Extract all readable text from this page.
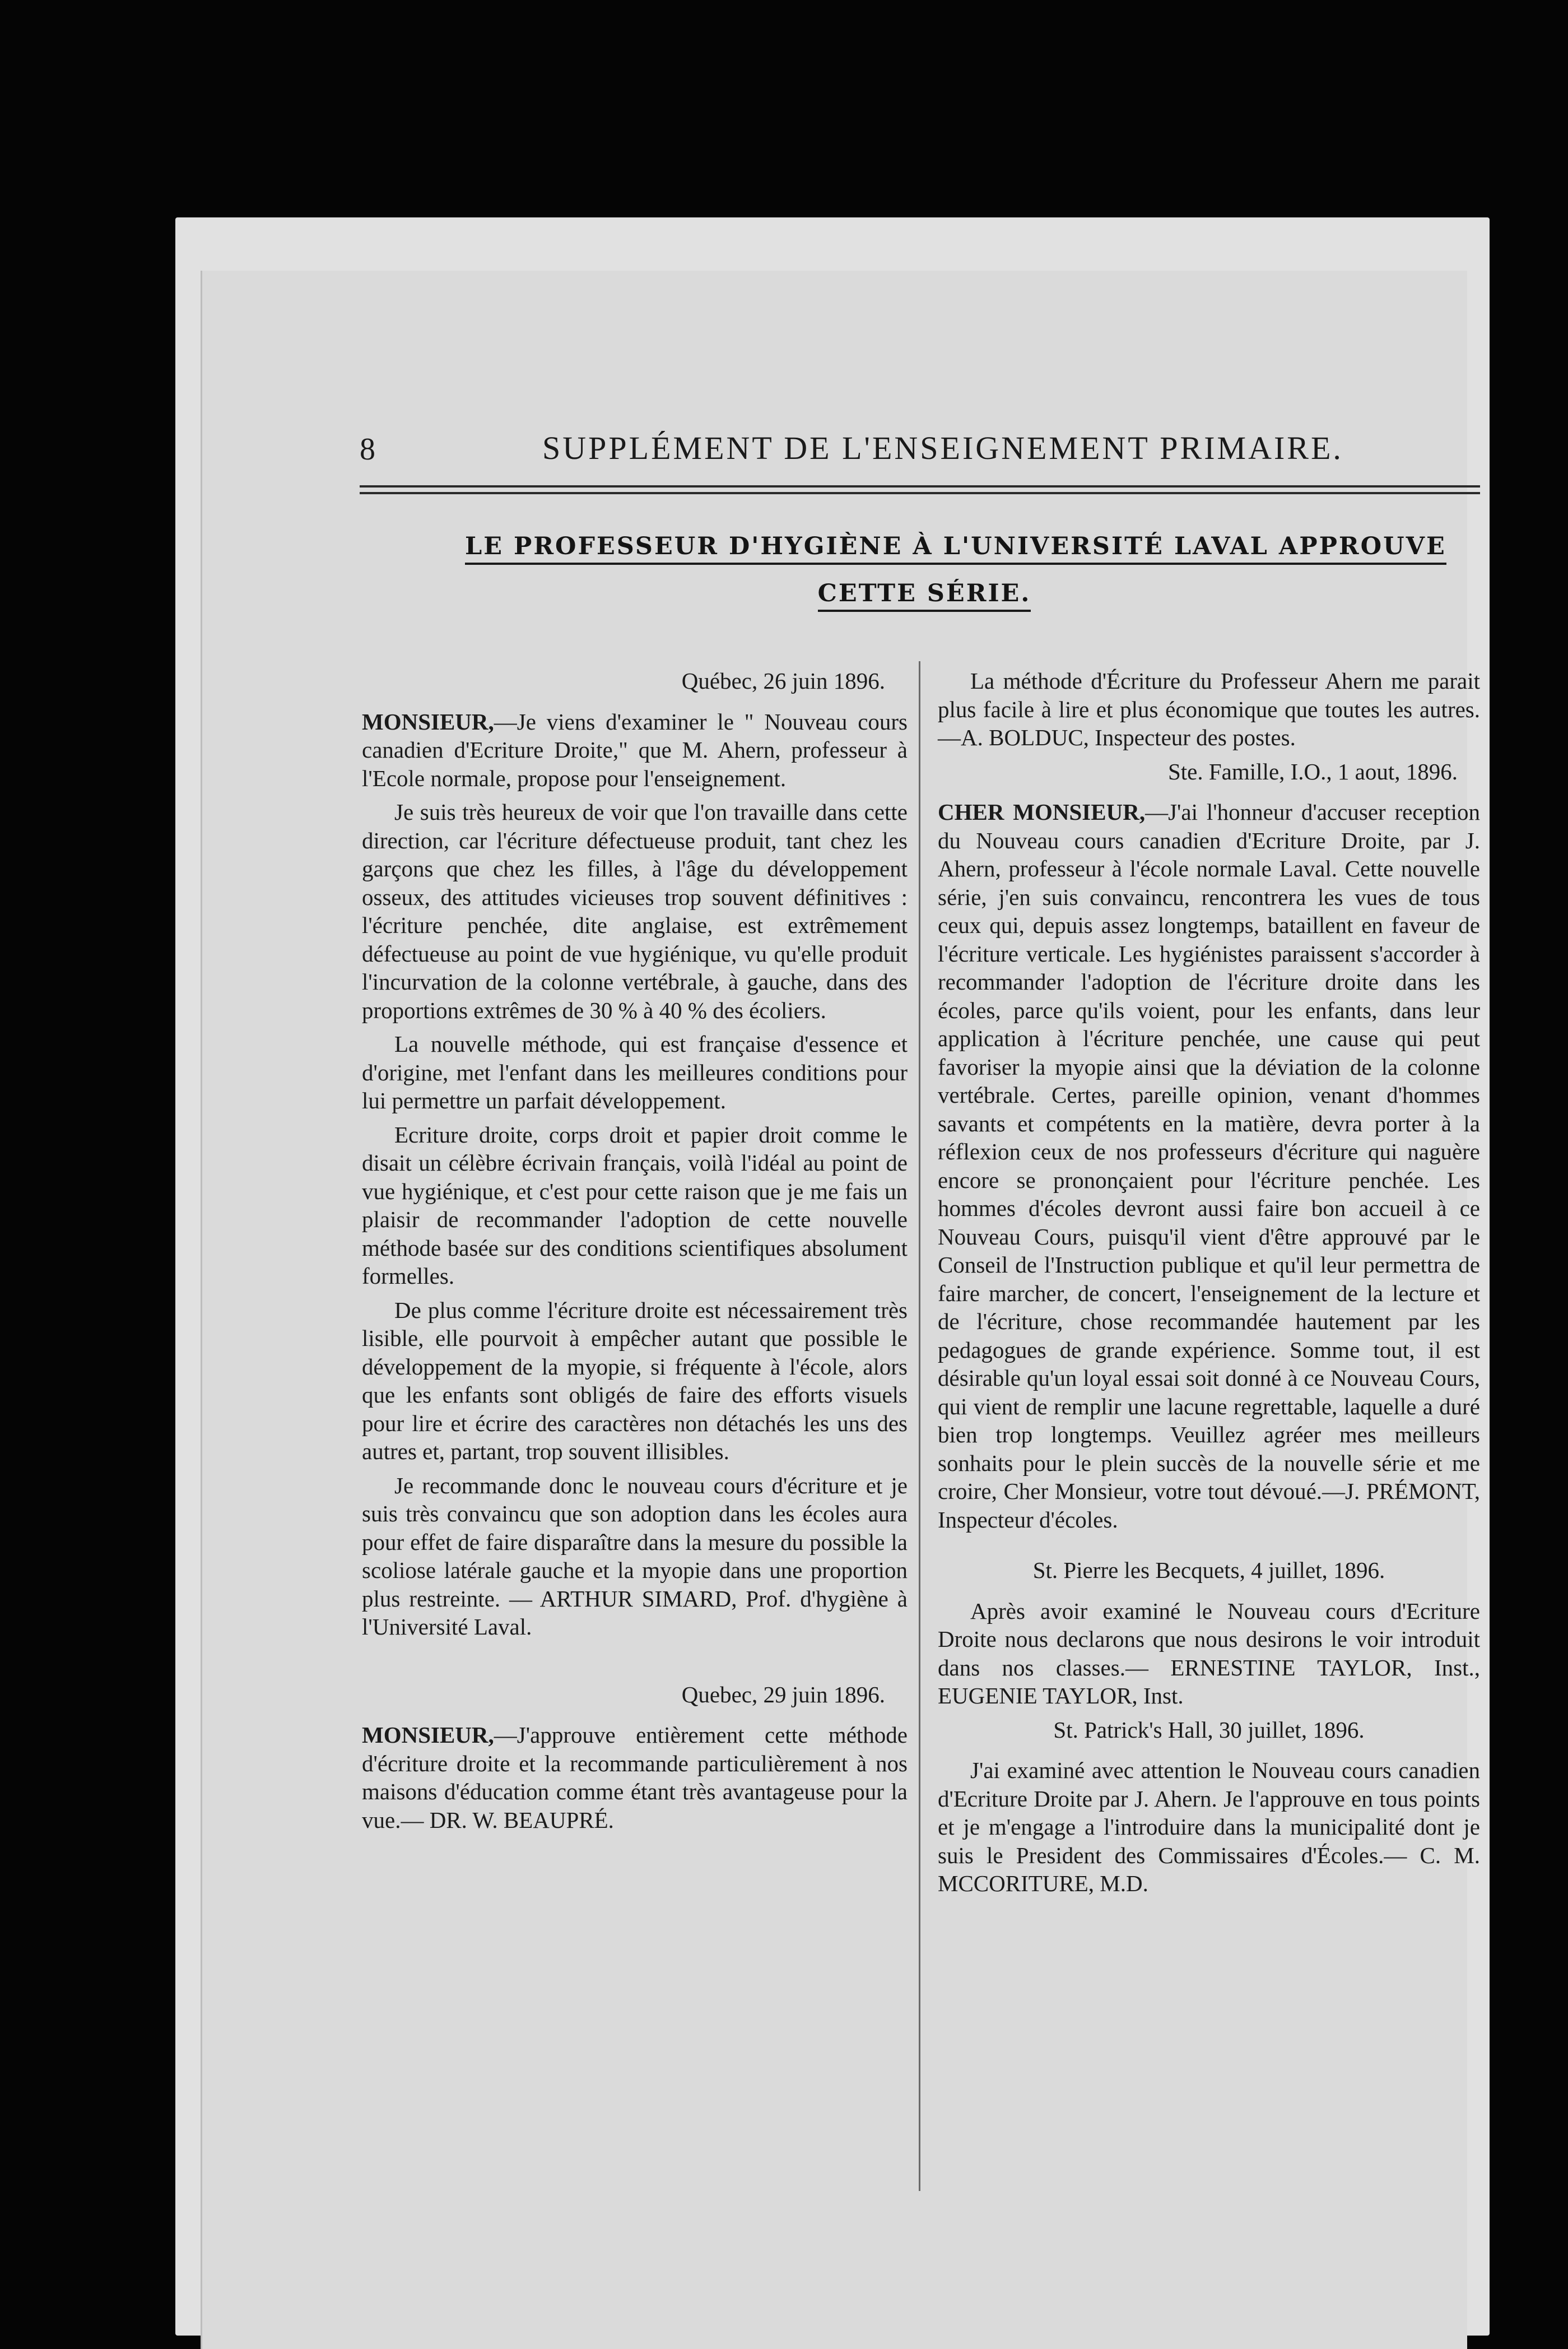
8	SUPPLÉMENT DE L'ENSEIGNEMENT PRIMAIRE.
LE PROFESSEUR D'HYGIÈNE À L'UNIVERSITÉ LAVAL APPROUVE
CETTE SÉRIE.

Québec, 26 juin 1896.

MONSIEUR,—Je viens d'examiner le " Nouveau cours canadien d'Ecriture Droite," que M. Ahern, professeur à l'Ecole normale, propose pour l'enseignement.

Je suis très heureux de voir que l'on travaille dans cette direction, car l'écriture défectueuse produit, tant chez les garçons que chez les filles, à l'âge du développement osseux, des attitudes vicieuses trop souvent définitives : l'écriture penchée, dite anglaise, est extrêmement défectueuse au point de vue hygiénique, vu qu'elle produit l'incurvation de la colonne vertébrale, à gauche, dans des proportions extrêmes de 30 % à 40 % des écoliers.

La nouvelle méthode, qui est française d'essence et d'origine, met l'enfant dans les meilleures conditions pour lui permettre un parfait développement.

Ecriture droite, corps droit et papier droit comme le disait un célèbre écrivain français, voilà l'idéal au point de vue hygiénique, et c'est pour cette raison que je me fais un plaisir de recommander l'adoption de cette nouvelle méthode basée sur des conditions scientifiques absolument formelles.

De plus comme l'écriture droite est nécessairement très lisible, elle pourvoit à empêcher autant que possible le développement de la myopie, si fréquente à l'école, alors que les enfants sont obligés de faire des efforts visuels pour lire et écrire des caractères non détachés les uns des autres et, partant, trop souvent illisibles.

Je recommande donc le nouveau cours d'écriture et je suis très convaincu que son adoption dans les écoles aura pour effet de faire disparaître dans la mesure du possible la scoliose latérale gauche et la myopie dans une proportion plus restreinte. — ARTHUR SIMARD, Prof. d'hygiène à l'Université Laval.

Quebec, 29 juin 1896.

MONSIEUR,—J'approuve entièrement cette méthode d'écriture droite et la recommande particulièrement à nos maisons d'éducation comme étant très avantageuse pour la vue.— DR. W. BEAUPRÉ.

La méthode d'Écriture du Professeur Ahern me parait plus facile à lire et plus économique que toutes les autres.—A. BOLDUC, Inspecteur des postes.

Ste. Famille, I.O., 1 aout, 1896.

CHER MONSIEUR,—J'ai l'honneur d'accuser reception du Nouveau cours canadien d'Ecriture Droite, par J. Ahern, professeur à l'école normale Laval. Cette nouvelle série, j'en suis convaincu, rencontrera les vues de tous ceux qui, depuis assez longtemps, bataillent en faveur de l'écriture verticale. Les hygiénistes paraissent s'accorder à recommander l'adoption de l'écriture droite dans les écoles, parce qu'ils voient, pour les enfants, dans leur application à l'écriture penchée, une cause qui peut favoriser la myopie ainsi que la déviation de la colonne vertébrale. Certes, pareille opinion, venant d'hommes savants et compétents en la matière, devra porter à la réflexion ceux de nos professeurs d'écriture qui naguère encore se prononçaient pour l'écriture penchée. Les hommes d'écoles devront aussi faire bon accueil à ce Nouveau Cours, puisqu'il vient d'être approuvé par le Conseil de l'Instruction publique et qu'il leur permettra de faire marcher, de concert, l'enseignement de la lecture et de l'écriture, chose recommandée hautement par les pedagogues de grande expérience. Somme tout, il est désirable qu'un loyal essai soit donné à ce Nouveau Cours, qui vient de remplir une lacune regrettable, laquelle a duré bien trop longtemps. Veuillez agréer mes meilleurs sonhaits pour le plein succès de la nouvelle série et me croire, Cher Monsieur, votre tout dévoué.—J. PRÉMONT, Inspecteur d'écoles.

St. Pierre les Becquets, 4 juillet, 1896.

Après avoir examiné le Nouveau cours d'Ecriture Droite nous declarons que nous desirons le voir introduit dans nos classes.— ERNESTINE TAYLOR, Inst., EUGENIE TAYLOR, Inst.

St. Patrick's Hall, 30 juillet, 1896.

J'ai examiné avec attention le Nouveau cours canadien d'Ecriture Droite par J. Ahern. Je l'approuve en tous points et je m'engage a l'introduire dans la municipalité dont je suis le President des Commissaires d'Écoles.— C. M. MCCORITURE, M.D.
